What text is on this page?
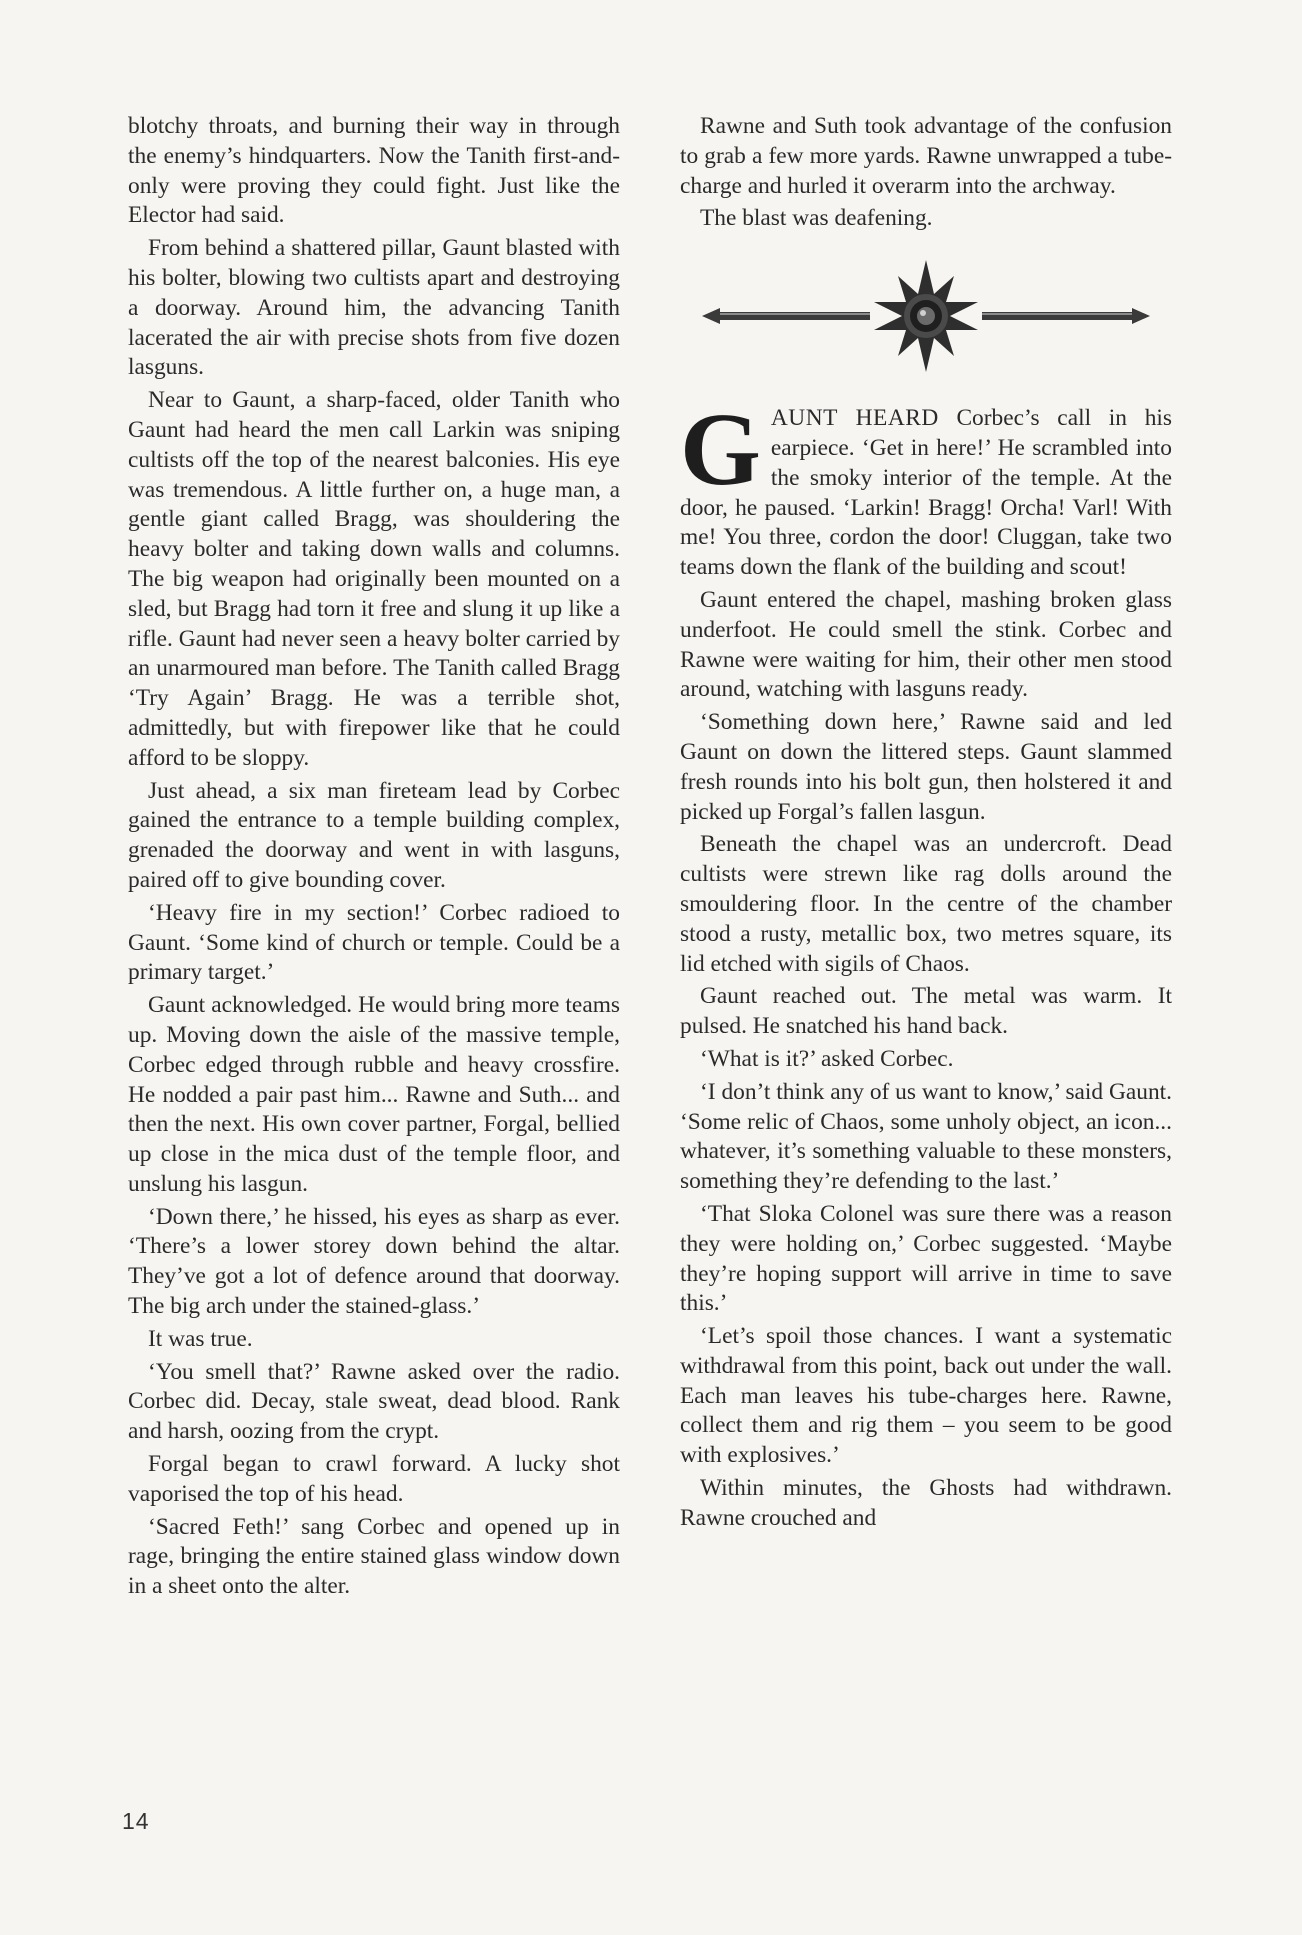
blotchy throats, and burning their way in through the enemy’s hindquarters. Now the Tanith first-and-only were proving they could fight. Just like the Elector had said.

From behind a shattered pillar, Gaunt blasted with his bolter, blowing two cultists apart and destroying a doorway. Around him, the advancing Tanith lacerated the air with precise shots from five dozen lasguns.

Near to Gaunt, a sharp-faced, older Tanith who Gaunt had heard the men call Larkin was sniping cultists off the top of the nearest balconies. His eye was tremendous. A little further on, a huge man, a gentle giant called Bragg, was shouldering the heavy bolter and taking down walls and columns. The big weapon had originally been mounted on a sled, but Bragg had torn it free and slung it up like a rifle. Gaunt had never seen a heavy bolter carried by an unarmoured man before. The Tanith called Bragg ‘Try Again’ Bragg. He was a terrible shot, admittedly, but with firepower like that he could afford to be sloppy.

Just ahead, a six man fireteam lead by Corbec gained the entrance to a temple building complex, grenaded the doorway and went in with lasguns, paired off to give bounding cover.

‘Heavy fire in my section!’ Corbec radioed to Gaunt. ‘Some kind of church or temple. Could be a primary target.’

Gaunt acknowledged. He would bring more teams up. Moving down the aisle of the massive temple, Corbec edged through rubble and heavy crossfire. He nodded a pair past him... Rawne and Suth... and then the next. His own cover partner, Forgal, bellied up close in the mica dust of the temple floor, and unslung his lasgun.

‘Down there,’ he hissed, his eyes as sharp as ever. ‘There’s a lower storey down behind the altar. They’ve got a lot of defence around that doorway. The big arch under the stained-glass.’

It was true.

‘You smell that?’ Rawne asked over the radio. Corbec did. Decay, stale sweat, dead blood. Rank and harsh, oozing from the crypt.

Forgal began to crawl forward. A lucky shot vaporised the top of his head.

‘Sacred Feth!’ sang Corbec and opened up in rage, bringing the entire stained glass window down in a sheet onto the alter.

Rawne and Suth took advantage of the confusion to grab a few more yards. Rawne unwrapped a tube-charge and hurled it overarm into the archway.

The blast was deafening.

GAUNT HEARD Corbec’s call in his earpiece. ‘Get in here!’ He scrambled into the smoky interior of the temple. At the door, he paused. ‘Larkin! Bragg! Orcha! Varl! With me! You three, cordon the door! Cluggan, take two teams down the flank of the building and scout!

Gaunt entered the chapel, mashing broken glass underfoot. He could smell the stink. Corbec and Rawne were waiting for him, their other men stood around, watching with lasguns ready.

‘Something down here,’ Rawne said and led Gaunt on down the littered steps. Gaunt slammed fresh rounds into his bolt gun, then holstered it and picked up Forgal’s fallen lasgun.

Beneath the chapel was an undercroft. Dead cultists were strewn like rag dolls around the smouldering floor. In the centre of the chamber stood a rusty, metallic box, two metres square, its lid etched with sigils of Chaos.

Gaunt reached out. The metal was warm. It pulsed. He snatched his hand back.

‘What is it?’ asked Corbec.

‘I don’t think any of us want to know,’ said Gaunt. ‘Some relic of Chaos, some unholy object, an icon... whatever, it’s something valuable to these monsters, something they’re defending to the last.’

‘That Sloka Colonel was sure there was a reason they were holding on,’ Corbec suggested. ‘Maybe they’re hoping support will arrive in time to save this.’

‘Let’s spoil those chances. I want a systematic withdrawal from this point, back out under the wall. Each man leaves his tube-charges here. Rawne, collect them and rig them – you seem to be good with explosives.’

Within minutes, the Ghosts had withdrawn. Rawne crouched and

14
